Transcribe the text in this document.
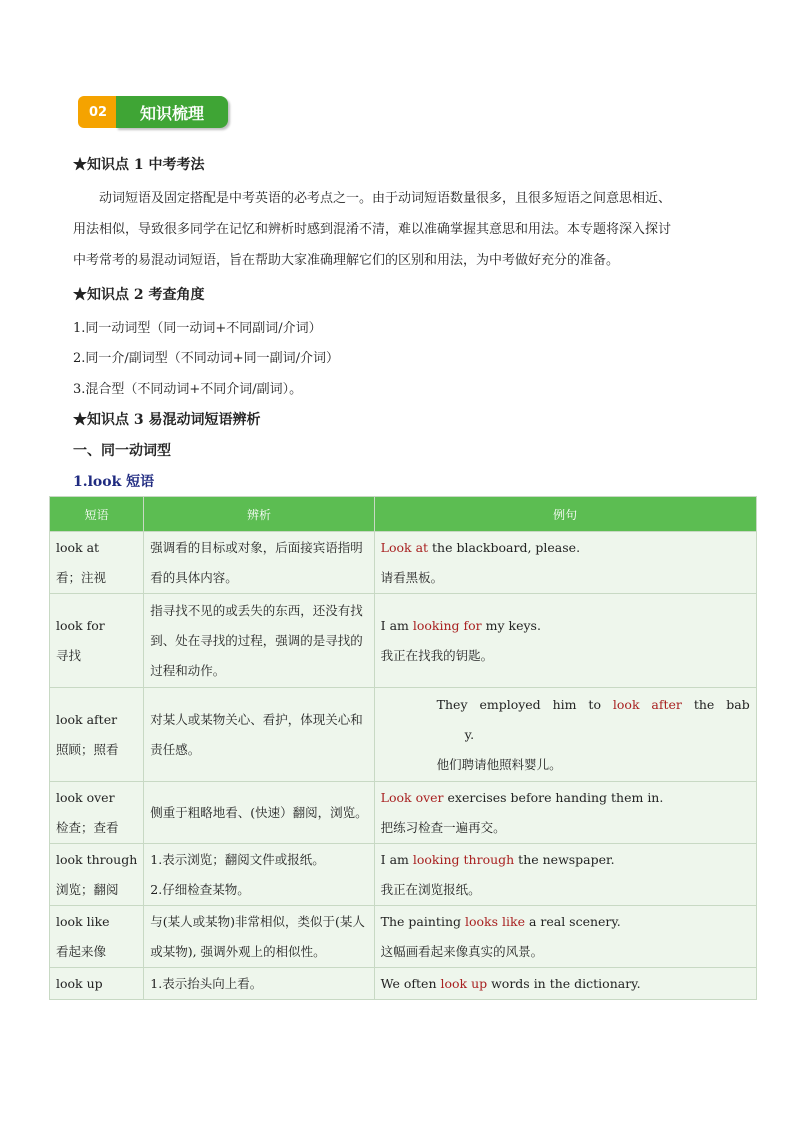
02	知识梳理
★知识点 1 中考考法
动词短语及固定搭配是中考英语的必考点之一。由于动词短语数量很多，且很多短语之间意思相近、
用法相似，导致很多同学在记忆和辨析时感到混淆不清，难以准确掌握其意思和用法。本专题将深入探讨
中考常考的易混动词短语，旨在帮助大家准确理解它们的区别和用法，为中考做好充分的准备。
★知识点 2 考查角度
1.同一动词型（同一动词+不同副词/介词）
2.同一介/副词型（不同动词+同一副词/介词）
3.混合型（不同动词+不同介词/副词）。
★知识点 3 易混动词短语辨析
一、同一动词型
1.look 短语
短语	辨析	例句

look at
看；注视	强调看的目标或对象，后面接宾语指明
看的具体内容。	Look at the blackboard, please.
请看黑板。

look for
寻找	指寻找不见的或丢失的东西，还没有找
到、处在寻找的过程，强调的是寻找的
过程和动作。	I am looking for my keys.
我正在找我的钥匙。

look after
照顾；照看	对某人或某物关心、看护，体现关心和
责任感。	They   employed   him   to   look   after   the   bab
y.
他们聘请他照料婴儿。

look over
检查；查看	侧重于粗略地看、(快速）翻阅，浏览。	Look over exercises before handing them in.
把练习检查一遍再交。

look through
浏览；翻阅	1.表示浏览；翻阅文件或报纸。
2.仔细检查某物。	I am looking through the newspaper.
我正在浏览报纸。

look like
看起来像	与(某人或某物)非常相似，类似于(某人
或某物), 强调外观上的相似性。	The painting looks like a real scenery.
这幅画看起来像真实的风景。

look up	1.表示抬头向上看。	We often look up words in the dictionary.
